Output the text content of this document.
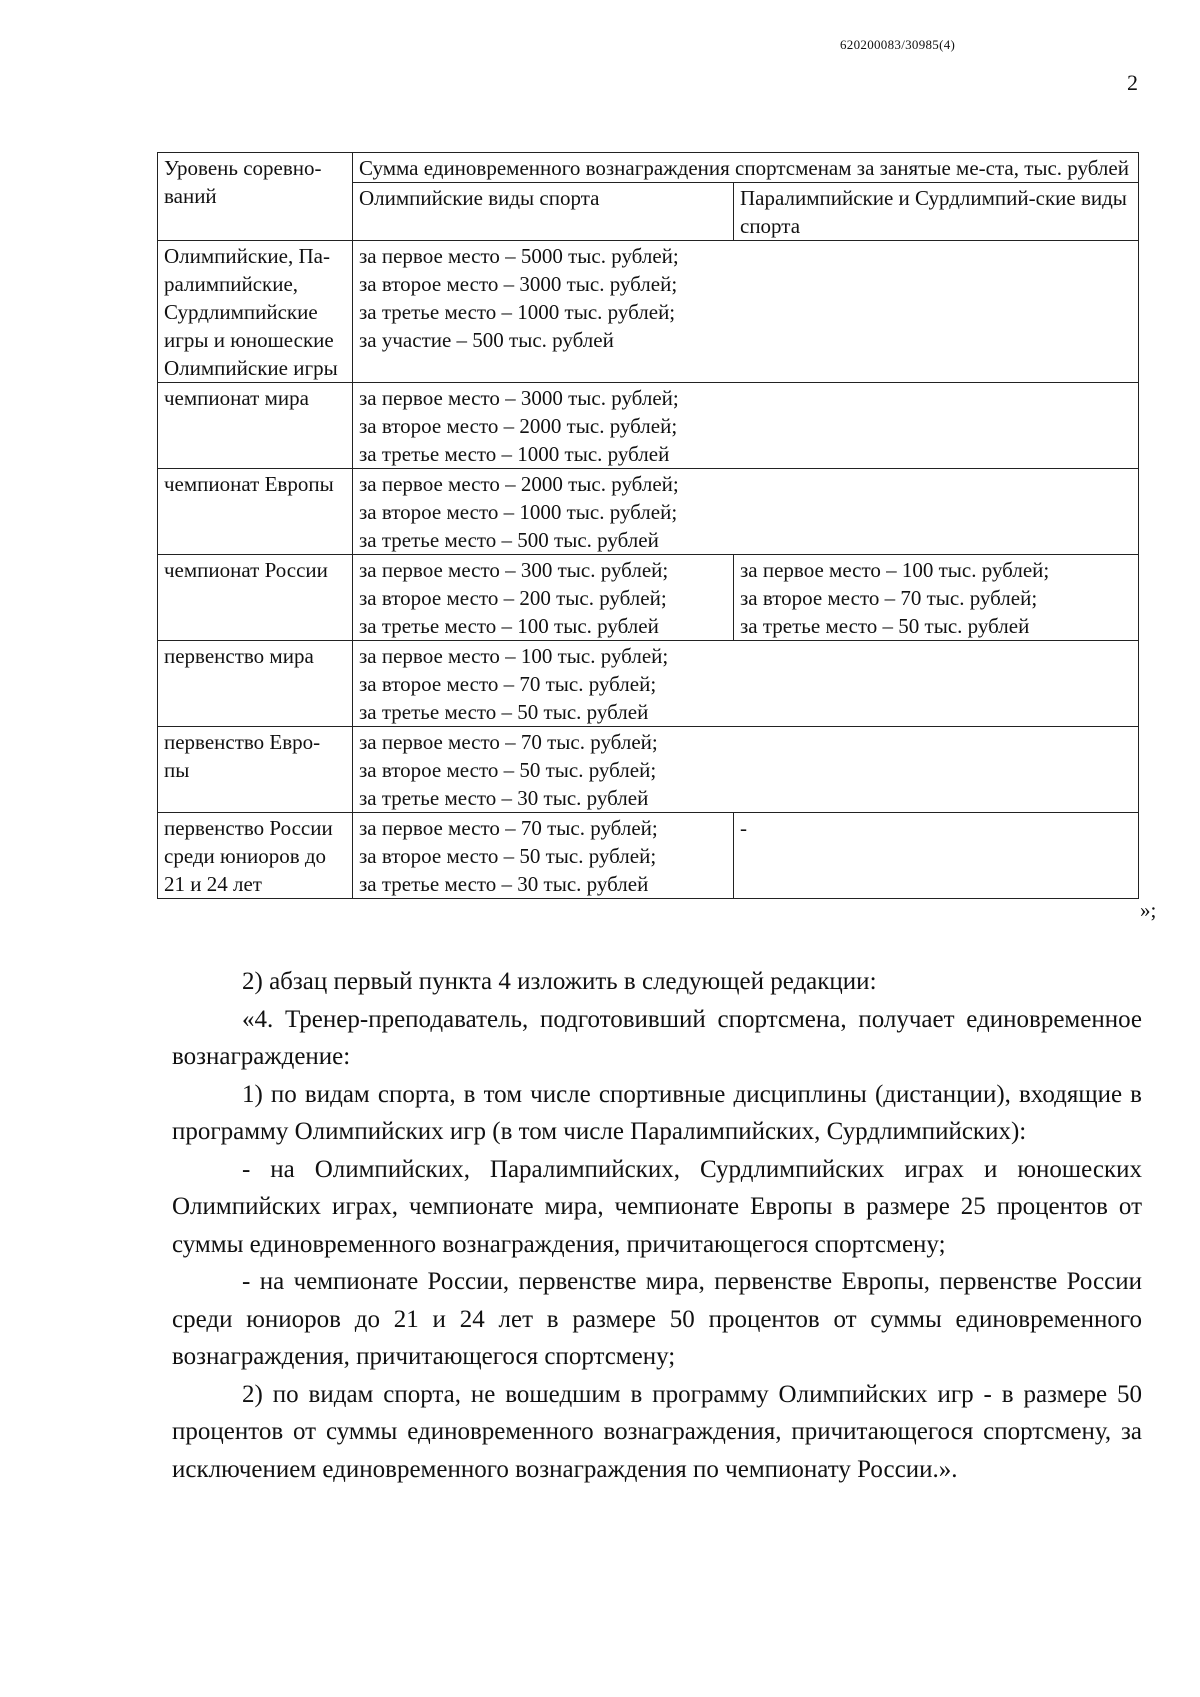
620200083/30985(4)
2
Уровень соревно-ваний	Сумма единовременного вознаграждения спортсменам за занятые ме-ста, тыс. рублей	
	Олимпийские виды спорта	Паралимпийские и Сурдлимпий-ские виды спорта

Олимпийские, Па-
ралимпийские,
Сурдлимпийские
игры и юношеские
Олимпийские игры	за первое место – 5000 тыс. рублей;
за второе место – 3000 тыс. рублей;
за третье место – 1000 тыс. рублей;
за участие – 500 тыс. рублей	

чемпионат мира	за первое место – 3000 тыс. рублей;
за второе место – 2000 тыс. рублей;
за третье место – 1000 тыс. рублей	

чемпионат Европы	за первое место – 2000 тыс. рублей;
за второе место – 1000 тыс. рублей;
за третье место – 500 тыс. рублей	

чемпионат России	за первое место – 300 тыс. рублей;
за второе место – 200 тыс. рублей;
за третье место – 100 тыс. рублей	за первое место – 100 тыс. рублей;
за второе место – 70 тыс. рублей;
за третье место – 50 тыс. рублей

первенство мира	за первое место – 100 тыс. рублей;
за второе место – 70 тыс. рублей;
за третье место – 50 тыс. рублей	

первенство Евро-
пы	за первое место – 70 тыс. рублей;
за второе место – 50 тыс. рублей;
за третье место – 30 тыс. рублей	

первенство России
среди юниоров до
21 и 24 лет	за первое место – 70 тыс. рублей;
за второе место – 50 тыс. рублей;
за третье место – 30 тыс. рублей	-
»;

2) абзац первый пункта 4 изложить в следующей редакции:

«4. Тренер-преподаватель, подготовивший спортсмена, получает единовременное вознаграждение:

1) по видам спорта, в том числе спортивные дисциплины (дистанции), входящие в программу Олимпийских игр (в том числе Паралимпийских, Сурдлимпийских):

- на Олимпийских, Паралимпийских, Сурдлимпийских играх и юношеских Олимпийских играх, чемпионате мира, чемпионате Европы в размере 25 процентов от суммы единовременного вознаграждения, причитающегося спортсмену;

- на чемпионате России, первенстве мира, первенстве Европы, первенстве России среди юниоров до 21 и 24 лет в размере 50 процентов от суммы единовременного вознаграждения, причитающегося спортсмену;

2) по видам спорта, не вошедшим в программу Олимпийских игр - в размере 50 процентов от суммы единовременного вознаграждения, причитающегося спортсмену, за исключением единовременного вознаграждения по чемпионату России.».
